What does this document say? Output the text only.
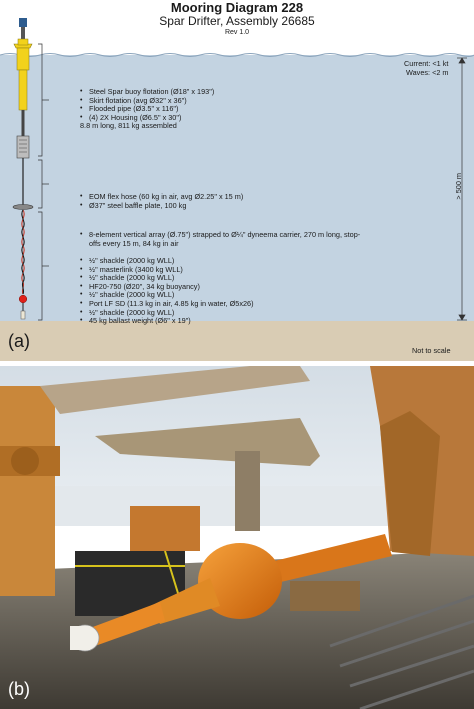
Mooring Diagram 228
Spar Drifter, Assembly 26685
Rev 1.0
Current: <1 kt
Waves: <2 m
> 500 m
• Steel Spar buoy flotation (Ø18" x 193")
• Skirt flotation (avg Ø32" x 36")
• Flooded pipe (Ø3.5" x 116")
• (4) 2X Housing (Ø6.5" x 30")
8.8 m long, 811 kg assembled
• EOM flex hose (60 kg in air, avg Ø2.25" x 15 m)
• Ø37" steel baffle plate, 100 kg
• 8-element vertical array (Ø.75") strapped to Ø¼" dyneema carrier, 270 m long, stop-offs every 15 m, 84 kg in air
• ½" shackle (2000 kg WLL)
• ½" masterlink (3400 kg WLL)
• ½" shackle (2000 kg WLL)
• HF20-750 (Ø20", 34 kg buoyancy)
• ½" shackle (2000 kg WLL)
• Port LF SD (11.3 kg in air, 4.85 kg in water, Ø5x26)
• ½" shackle (2000 kg WLL)
• 45 kg ballast weight (Ø6" x 19")
(a)	Not to scale
(b)
